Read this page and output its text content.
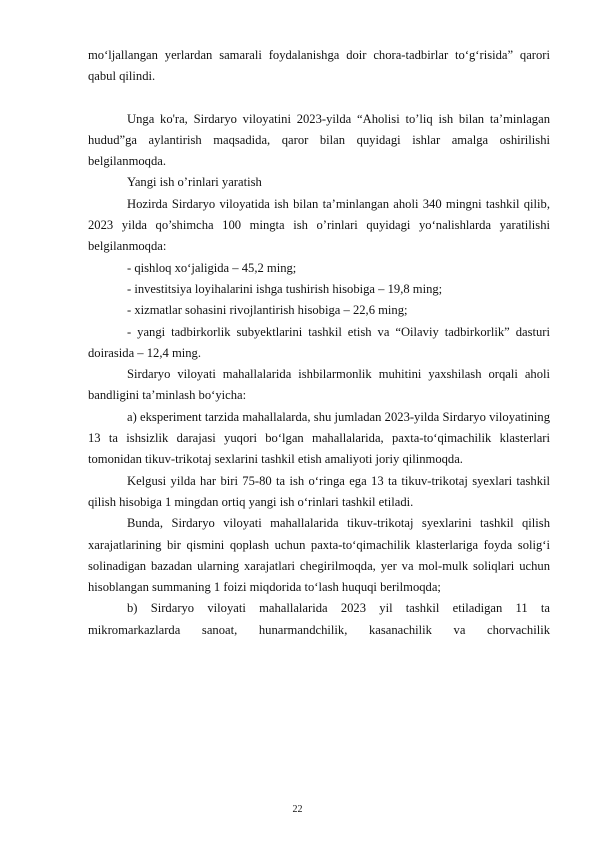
mo‘ljallangan yerlardan samarali foydalanishga doir chora-tadbirlar to‘g‘risida” qarori qabul qilindi.

Unga ko'ra, Sirdaryo viloyatini 2023-yilda “Aholisi to’liq ish bilan ta’minlagan hudud”ga aylantirish maqsadida, qaror bilan quyidagi ishlar amalga oshirilishi belgilanmoqda.

Yangi ish o’rinlari yaratish

Hozirda Sirdaryo viloyatida ish bilan ta’minlangan aholi 340 mingni tashkil qilib, 2023 yilda qo’shimcha 100 mingta ish o’rinlari quyidagi yo‘nalishlarda yaratilishi belgilanmoqda:

- qishloq xo‘jaligida – 45,2 ming;

- investitsiya loyihalarini ishga tushirish hisobiga – 19,8 ming;

- xizmatlar sohasini rivojlantirish hisobiga – 22,6 ming;

- yangi tadbirkorlik subyektlarini tashkil etish va “Oilaviy tadbirkorlik” dasturi doirasida – 12,4 ming.

Sirdaryo viloyati mahallalarida ishbilarmonlik muhitini yaxshilash orqali aholi bandligini ta’minlash bo‘yicha:

a) eksperiment tarzida mahallalarda, shu jumladan 2023-yilda Sirdaryo viloyatining 13 ta ishsizlik darajasi yuqori bo‘lgan mahallalarida, paxta-to‘qimachilik klasterlari tomonidan tikuv-trikotaj sexlarini tashkil etish amaliyoti joriy qilinmoqda.

Kelgusi yilda har biri 75-80 ta ish o‘ringa ega 13 ta tikuv-trikotaj syexlari tashkil qilish hisobiga 1 mingdan ortiq yangi ish o‘rinlari tashkil etiladi.

Bunda, Sirdaryo viloyati mahallalarida tikuv-trikotaj syexlarini tashkil qilish xarajatlarining bir qismini qoplash uchun paxta-to‘qimachilik klasterlariga foyda solig‘i solinadigan bazadan ularning xarajatlari chegirilmoqda, yer va mol-mulk soliqlari uchun hisoblangan summaning 1 foizi miqdorida to‘lash huquqi berilmoqda;

b) Sirdaryo viloyati mahallalarida 2023 yil tashkil etiladigan 11 ta mikromarkazlarda sanoat, hunarmandchilik, kasanachilik va chorvachilik

22
